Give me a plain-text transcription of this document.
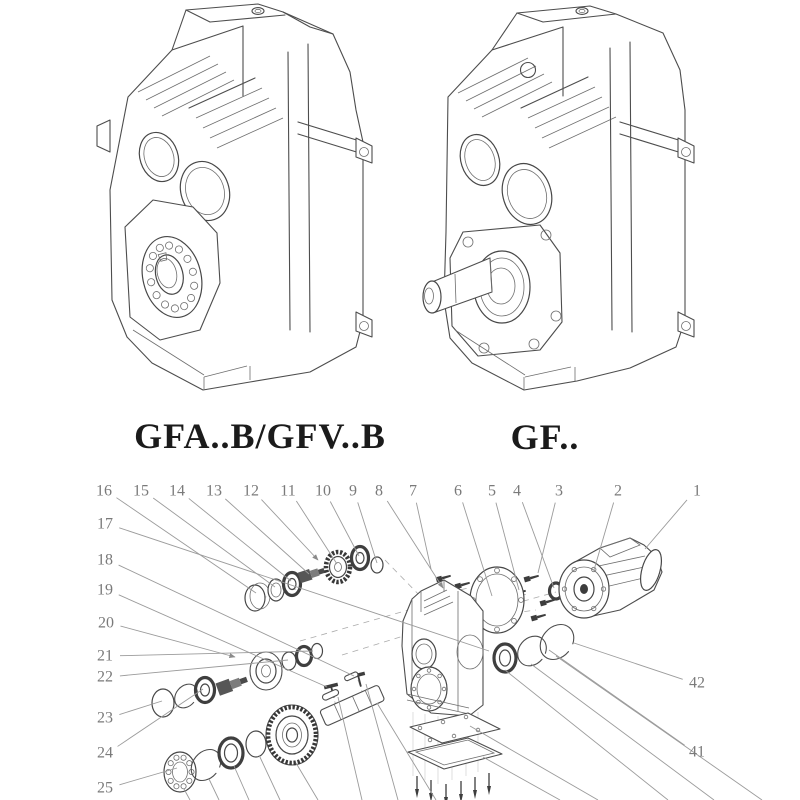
GFA..B/GFV..B	GF..
1
2
3
4
5
6
7
8
9
10
11
12
13
14
15
16
17
18
19
20
21
22
23
24
25
42
41
